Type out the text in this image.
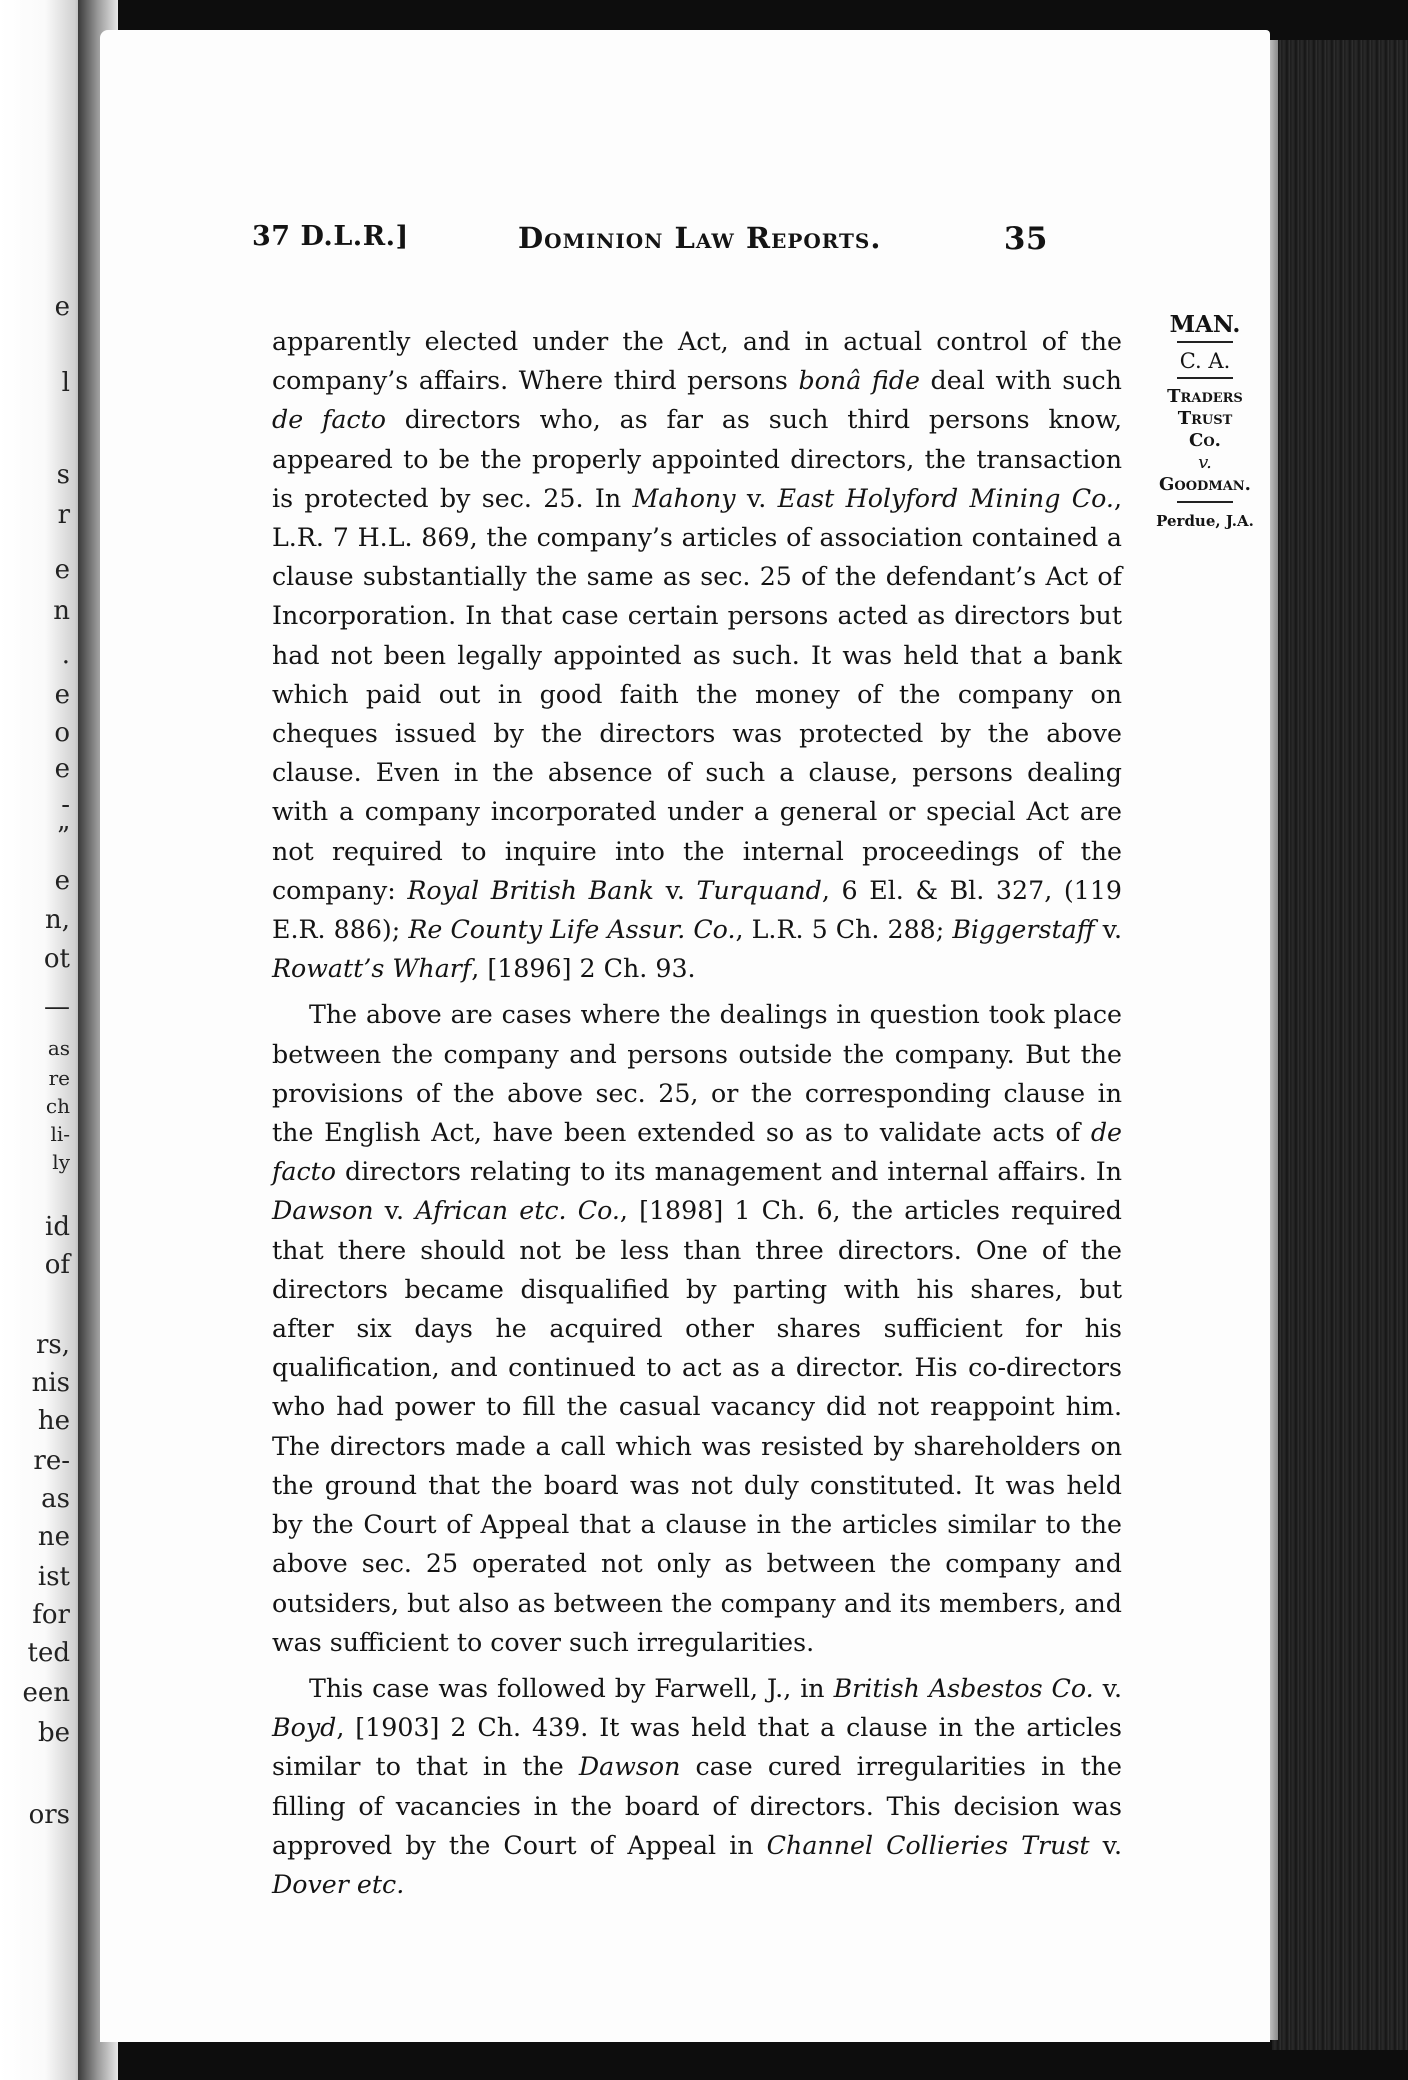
e
l
s
r
e
n
.
e
o
e
-
”
e
n,
ot
—
as
re
ch
li-
ly
id
of
rs,
nis
he
re-
as
ne
ist
for
ted
een
be
ors
37 D.L.R.]	Dominion Law Reports.	35

apparently elected under the Act, and in actual control of the company’s affairs. Where third persons bonâ fide deal with such de facto directors who, as far as such third persons know, appeared to be the properly appointed directors, the transaction is protected by sec. 25. In Mahony v. East Holyford Mining Co., L.R. 7 H.L. 869, the company’s articles of association contained a clause substantially the same as sec. 25 of the defendant’s Act of Incorporation. In that case certain persons acted as directors but had not been legally appointed as such. It was held that a bank which paid out in good faith the money of the company on cheques issued by the directors was protected by the above clause. Even in the absence of such a clause, persons dealing with a company incorporated under a general or special Act are not required to inquire into the internal proceedings of the company: Royal British Bank v. Turquand, 6 El. & Bl. 327, (119 E.R. 886); Re County Life Assur. Co., L.R. 5 Ch. 288; Biggerstaff v. Rowatt’s Wharf, [1896] 2 Ch. 93.

The above are cases where the dealings in question took place between the company and persons outside the company. But the provisions of the above sec. 25, or the corresponding clause in the English Act, have been extended so as to validate acts of de facto directors relating to its management and internal affairs. In Dawson v. African etc. Co., [1898] 1 Ch. 6, the articles required that there should not be less than three directors. One of the directors became disqualified by parting with his shares, but after six days he acquired other shares sufficient for his qualification, and continued to act as a director. His co-directors who had power to fill the casual vacancy did not reappoint him. The directors made a call which was resisted by shareholders on the ground that the board was not duly constituted. It was held by the Court of Appeal that a clause in the articles similar to the above sec. 25 operated not only as between the company and outsiders, but also as between the company and its members, and was sufficient to cover such irregularities.

This case was followed by Farwell, J., in British Asbestos Co. v. Boyd, [1903] 2 Ch. 439. It was held that a clause in the articles similar to that in the Dawson case cured irregularities in the filling of vacancies in the board of directors. This decision was approved by the Court of Appeal in Channel Collieries Trust v. Dover etc.

MAN.
C. A.
Traders
Trust
Co.
v.
Goodman.
Perdue, J.A.
